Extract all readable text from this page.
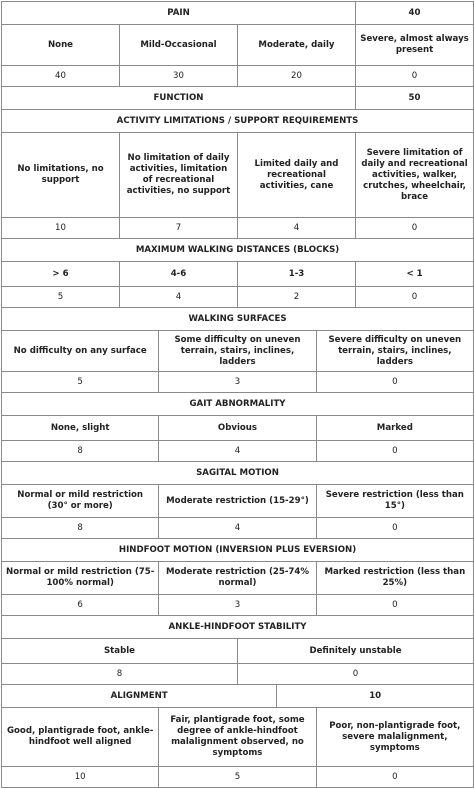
PAIN						40
None	Mild-Occasional		Moderate, daily			Severe, almost always present
40	30		20			0
FUNCTION						50
ACTIVITY LIMITATIONS / SUPPORT REQUIREMENTS						
No limitations, no support	No limitation of daily activities, limitation of recreational activities, no support		Limited daily and recreational activities, cane			Severe limitation of daily and recreational activities, walker, crutches, wheelchair, brace
10	7		4			0
MAXIMUM WALKING DISTANCES (BLOCKS)						
> 6	4-6		1-3			< 1
5	4		2			0
WALKING SURFACES						
No difficulty on any surface		Some difficulty on uneven terrain, stairs, inclines, ladders			Severe difficulty on uneven terrain, stairs, inclines, ladders	
5		3			0	
GAIT ABNORMALITY						
None, slight		Obvious			Marked	
8		4			0	
SAGITAL MOTION						
Normal or mild restriction (30° or more)		Moderate restriction (15-29°)			Severe restriction (less than 15°)	
8		4			0	
HINDFOOT MOTION (INVERSION PLUS EVERSION)						
Normal or mild restriction (75-100% normal)		Moderate restriction (25-74% normal)			Marked restriction (less than 25%)	
6		3			0	
ANKLE-HINDFOOT STABILITY						
Stable			Definitely unstable			
8			0			
ALIGNMENT				10		
Good, plantigrade foot, ankle-hindfoot well aligned		Fair, plantigrade foot, some degree of ankle-hindfoot malalignment observed, no symptoms			Poor, non-plantigrade foot, severe malalignment, symptoms	
10		5			0	
